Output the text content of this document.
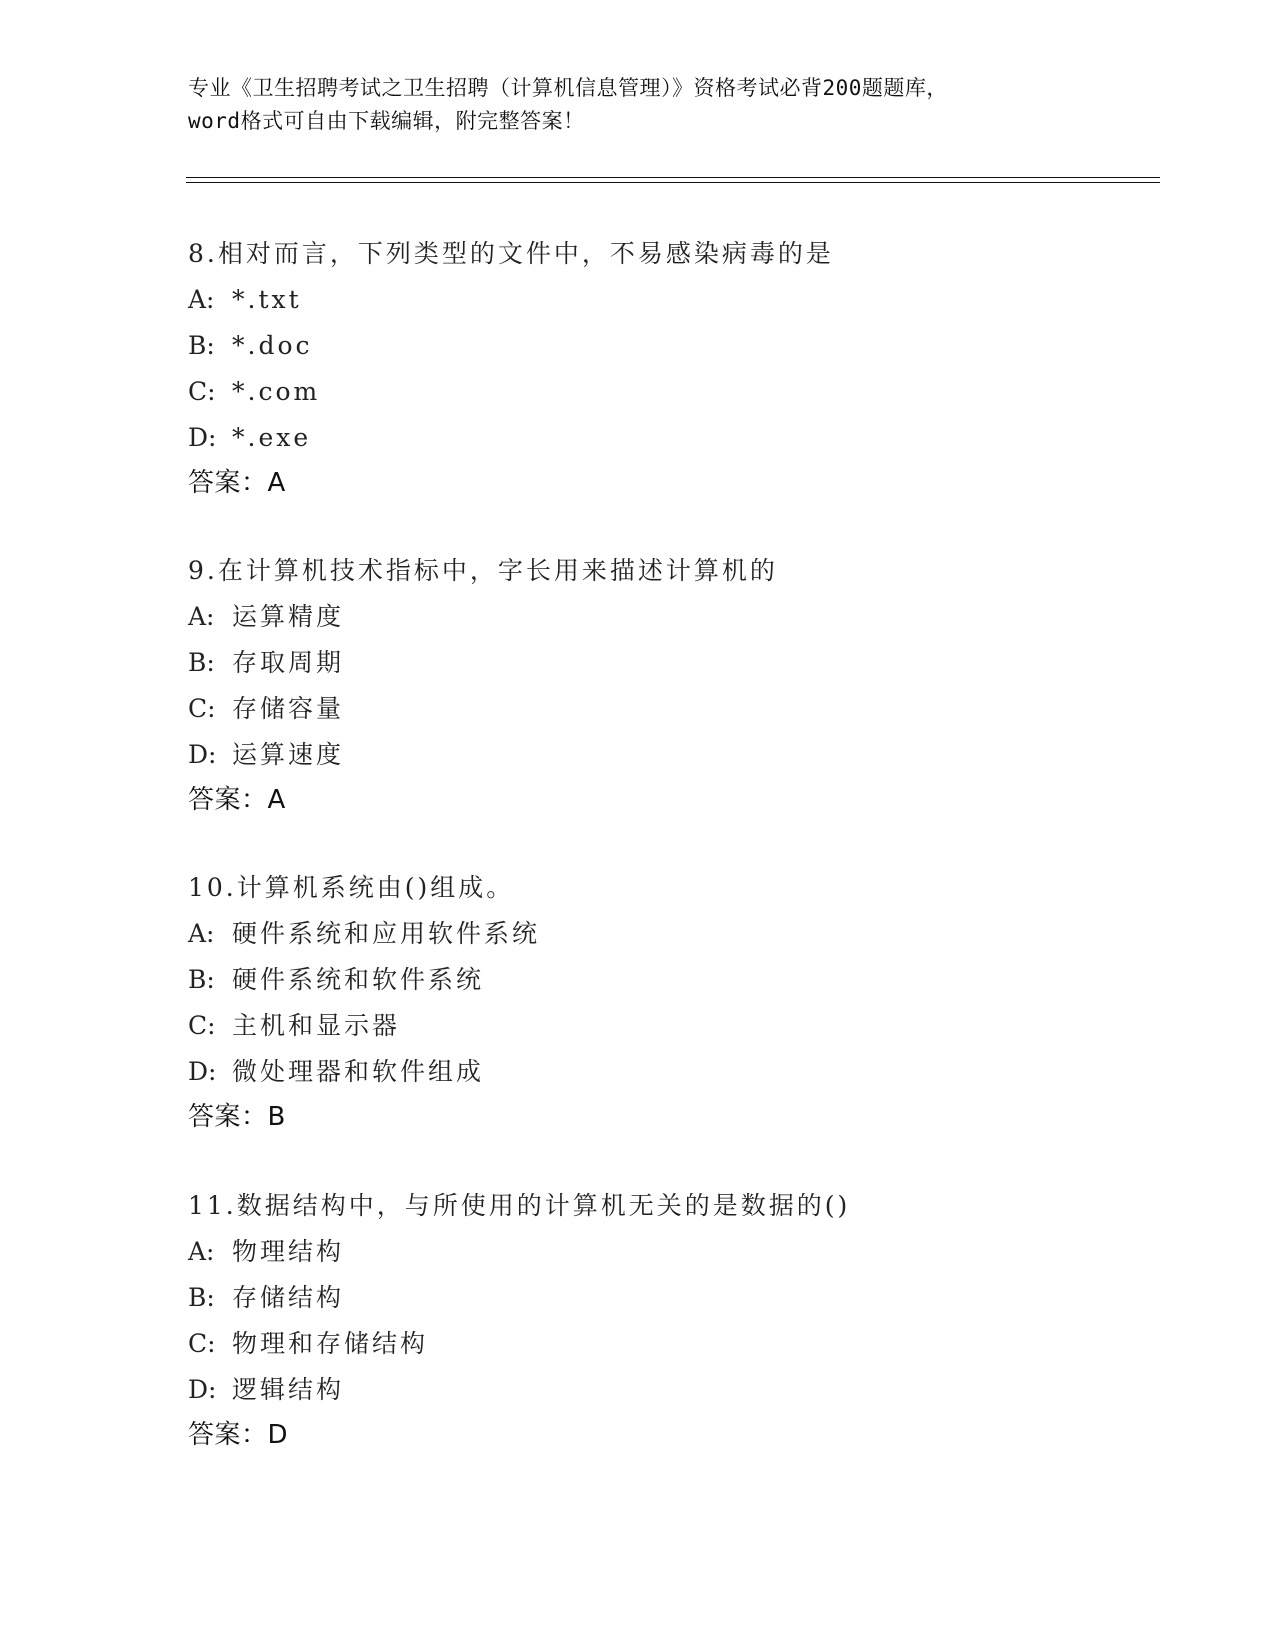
专业《卫生招聘考试之卫生招聘（计算机信息管理）》资格考试必背200题题库，
word格式可自由下载编辑，附完整答案！
8.相对而言，下列类型的文件中，不易感染病毒的是
A: *.txt
B: *.doc
C: *.com
D: *.exe
答案：A
9.在计算机技术指标中，字长用来描述计算机的
A: 运算精度
B: 存取周期
C: 存储容量
D: 运算速度
答案：A
10.计算机系统由()组成。
A: 硬件系统和应用软件系统
B: 硬件系统和软件系统
C: 主机和显示器
D: 微处理器和软件组成
答案：B
11.数据结构中，与所使用的计算机无关的是数据的()
A: 物理结构
B: 存储结构
C: 物理和存储结构
D: 逻辑结构
答案：D
